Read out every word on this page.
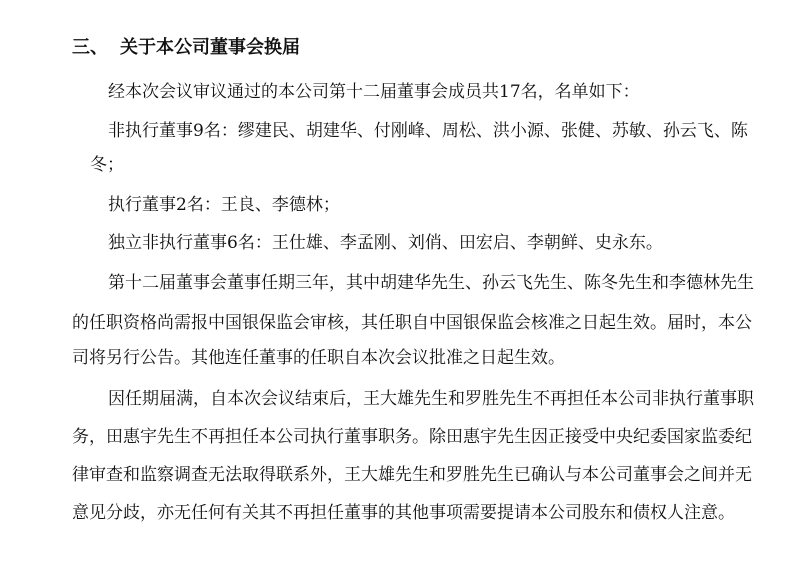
三、 关于本公司董事会换届
经本次会议审议通过的本公司第十二届董事会成员共17名，名单如下：
非执行董事9名：缪建民、胡建华、付刚峰、周松、洪小源、张健、苏敏、孙云飞、陈
冬；
执行董事2名：王良、李德林；
独立非执行董事6名：王仕雄、李孟刚、刘俏、田宏启、李朝鲜、史永东。
第十二届董事会董事任期三年，其中胡建华先生、孙云飞先生、陈冬先生和李德林先生
的任职资格尚需报中国银保监会审核，其任职自中国银保监会核准之日起生效。届时，本公
司将另行公告。其他连任董事的任职自本次会议批准之日起生效。
因任期届满，自本次会议结束后，王大雄先生和罗胜先生不再担任本公司非执行董事职
务，田惠宇先生不再担任本公司执行董事职务。除田惠宇先生因正接受中央纪委国家监委纪
律审查和监察调查无法取得联系外，王大雄先生和罗胜先生已确认与本公司董事会之间并无
意见分歧，亦无任何有关其不再担任董事的其他事项需要提请本公司股东和债权人注意。
